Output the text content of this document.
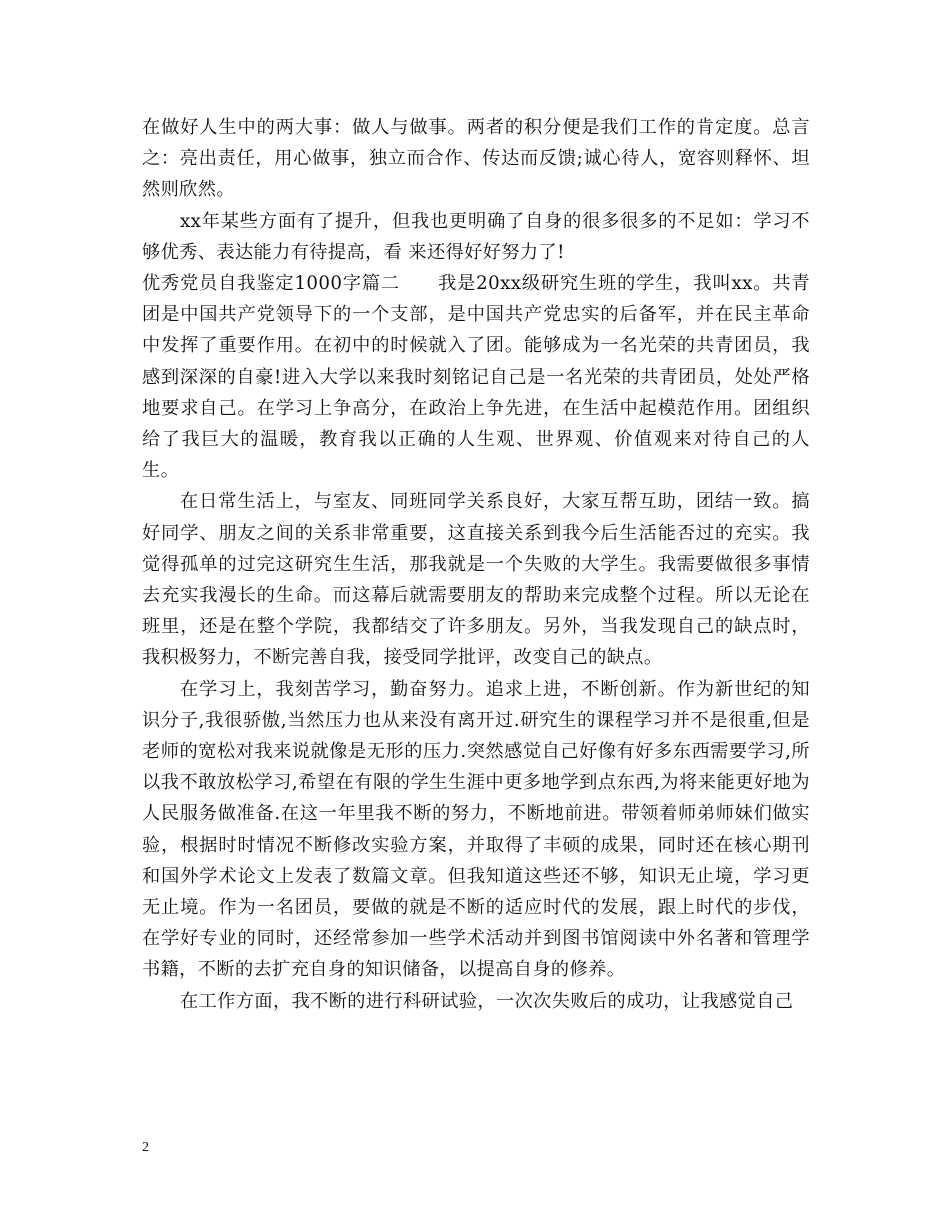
在做好人生中的两大事：做人与做事。两者的积分便是我们工作的肯定度。总言之：亮出责任，用心做事，独立而合作、传达而反馈;诚心待人，宽容则释怀、坦然则欣然。

xx年某些方面有了提升，但我也更明确了自身的很多很多的不足如：学习不够优秀、表达能力有待提高，看 来还得好好努力了!

优秀党员自我鉴定1000字篇二　　我是20xx级研究生班的学生，我叫xx。共青团是中国共产党领导下的一个支部，是中国共产党忠实的后备军，并在民主革命中发挥了重要作用。在初中的时候就入了团。能够成为一名光荣的共青团员，我感到深深的自豪!进入大学以来我时刻铭记自己是一名光荣的共青团员，处处严格地要求自己。在学习上争高分，在政治上争先进，在生活中起模范作用。团组织给了我巨大的温暖，教育我以正确的人生观、世界观、价值观来对待自己的人生。

在日常生活上，与室友、同班同学关系良好，大家互帮互助，团结一致。搞好同学、朋友之间的关系非常重要，这直接关系到我今后生活能否过的充实。我觉得孤单的过完这研究生生活，那我就是一个失败的大学生。我需要做很多事情去充实我漫长的生命。而这幕后就需要朋友的帮助来完成整个过程。所以无论在班里，还是在整个学院，我都结交了许多朋友。另外，当我发现自己的缺点时，我积极努力，不断完善自我，接受同学批评，改变自己的缺点。

在学习上，我刻苦学习，勤奋努力。追求上进，不断创新。作为新世纪的知识分子,我很骄傲,当然压力也从来没有离开过.研究生的课程学习并不是很重,但是老师的宽松对我来说就像是无形的压力.突然感觉自己好像有好多东西需要学习,所以我不敢放松学习,希望在有限的学生生涯中更多地学到点东西,为将来能更好地为人民服务做准备.在这一年里我不断的努力，不断地前进。带领着师弟师妹们做实验，根据时时情况不断修改实验方案，并取得了丰硕的成果，同时还在核心期刊和国外学术论文上发表了数篇文章。但我知道这些还不够，知识无止境，学习更无止境。作为一名团员，要做的就是不断的适应时代的发展，跟上时代的步伐，在学好专业的同时，还经常参加一些学术活动并到图书馆阅读中外名著和管理学书籍，不断的去扩充自身的知识储备，以提高自身的修养。

在工作方面，我不断的进行科研试验，一次次失败后的成功，让我感觉自己

2
